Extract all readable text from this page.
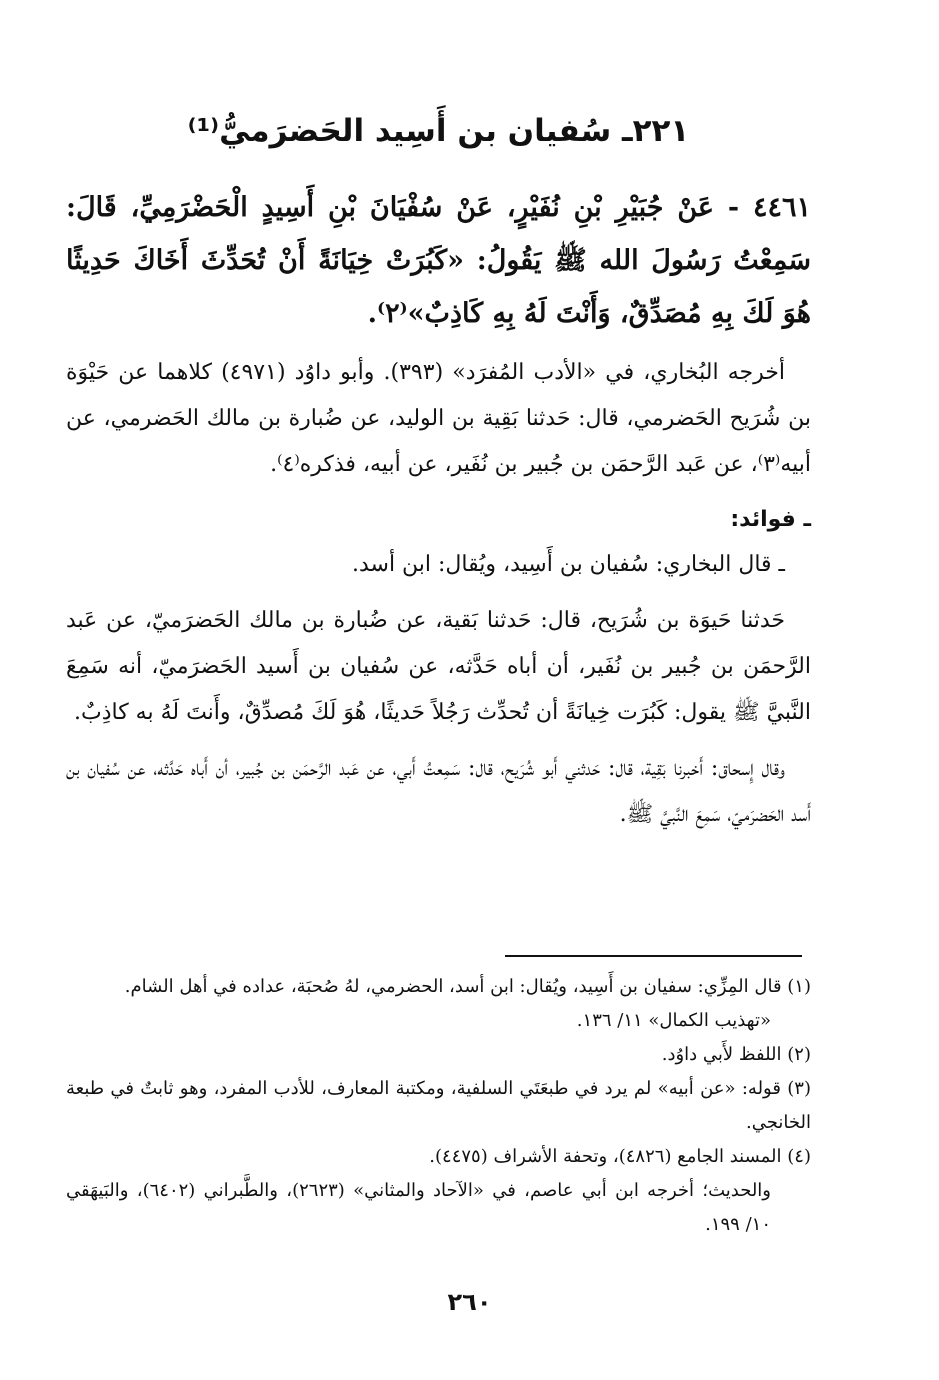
٢٢١ـ سُفيان بن أَسِيد الحَضرَميُّ⁽¹⁾

٤٤٦١ - عَنْ جُبَيْرِ بْنِ نُفَيْرٍ، عَنْ سُفْيَانَ بْنِ أَسِيدٍ الْحَضْرَمِيِّ، قَالَ: سَمِعْتُ رَسُولَ الله ﷺ يَقُولُ: «كَبُرَتْ خِيَانَةً أَنْ تُحَدِّثَ أَخَاكَ حَدِيثًا هُوَ لَكَ بِهِ مُصَدِّقٌ، وَأَنْتَ لَهُ بِهِ كَاذِبٌ»⁽٢⁾.

أخرجه البُخاري، في «الأدب المُفرَد» (٣٩٣). وأبو داوُد (٤٩٧١) كلاهما عن حَيْوَة بن شُرَيح الحَضرمي، قال: حَدثنا بَقِية بن الوليد، عن ضُبارة بن مالك الحَضرمي، عن أبيه⁽٣⁾، عن عَبد الرَّحمَن بن جُبير بن نُفَير، عن أبيه، فذكره⁽٤⁾.

ـ فوائد:

ـ قال البخاري: سُفيان بن أَسِيد، ويُقال: ابن أسد.

حَدثنا حَيوَة بن شُرَيح، قال: حَدثنا بَقية، عن ضُبارة بن مالك الحَضرَميّ، عن عَبد الرَّحمَن بن جُبير بن نُفَير، أن أباه حَدَّثه، عن سُفيان بن أَسيد الحَضرَميّ، أنه سَمِعَ النَّبيَّ ﷺ يقول: كَبُرَت خِيانَةً أن تُحدِّث رَجُلاً حَديثًا، هُوَ لَكَ مُصدِّقٌ، وأَنتَ لَهُ به كاذِبٌ.

وقال إِسحاق: أَخبرنا بَقِية، قال: حَدثني أَبو شُرَيح، قال: سَمِعتُ أَبي، عن عَبد الرَّحمَن بن جُبير، أن أَباه حَدَّثه، عن سُفيان بن أَسد الحَضرَميّ، سَمِعَ النَّبيَّ ﷺ.

(١) قال المِزِّي: سفيان بن أَسِيد، ويُقال: ابن أسد، الحضرمي، لهُ صُحبَة، عداده في أهل الشام.

«تهذيب الكمال» ١١/ ١٣٦.

(٢) اللفظ لأَبي داوُد.

(٣) قوله: «عن أبيه» لم يرد في طبعَتَي السلفية، ومكتبة المعارف، للأدب المفرد، وهو ثابتٌ في طبعة الخانجي.

(٤) المسند الجامع (٤٨٢٦)، وتحفة الأشراف (٤٤٧٥).

والحديث؛ أخرجه ابن أبي عاصم، في «الآحاد والمثاني» (٢٦٢٣)، والطَّبراني (٦٤٠٢)، والبَيهَقي ١٠/ ١٩٩.

٢٦٠
